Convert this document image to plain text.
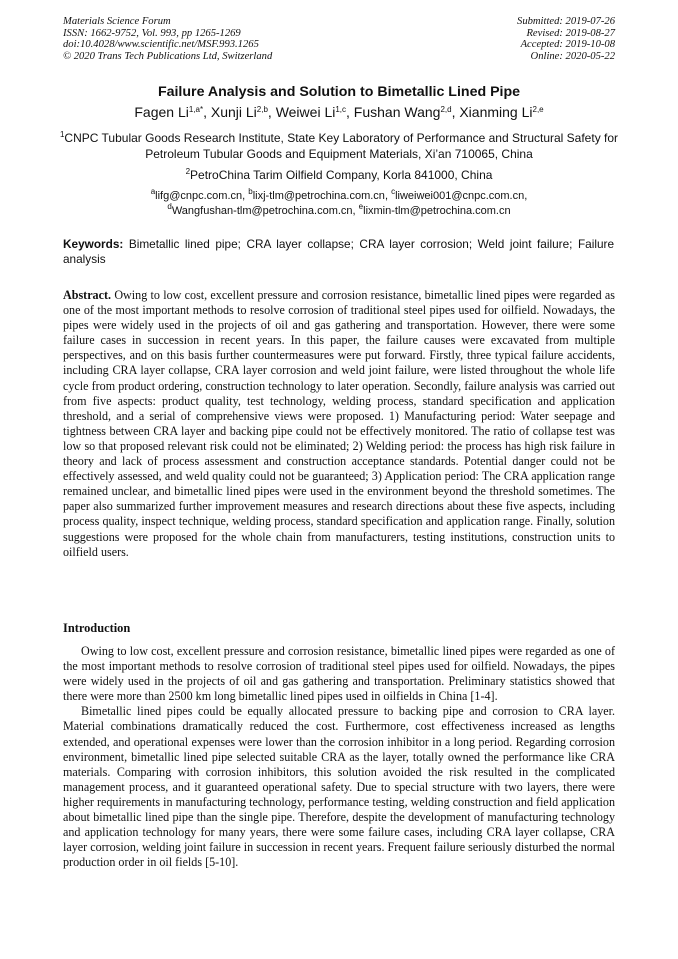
Materials Science Forum
ISSN: 1662-9752, Vol. 993, pp 1265-1269
doi:10.4028/www.scientific.net/MSF.993.1265
© 2020 Trans Tech Publications Ltd, Switzerland
Submitted: 2019-07-26
Revised: 2019-08-27
Accepted: 2019-10-08
Online: 2020-05-22
Failure Analysis and Solution to Bimetallic Lined Pipe
Fagen $Li^{1,a*}$, Xunji Li$^{2,b}$, Weiwei Li$^{1,c}$, Fushan Wang$^{2,d}$, Xianming Li$^{2,e}$
$^1$CNPC Tubular Goods Research Institute, State Key Laboratory of Performance and Structural Safety for Petroleum Tubular Goods and Equipment Materials, Xi’an 710065, China
$^2$PetroChina Tarim Oilfield Company, Korla 841000, China
$^a$lifg@cnpc.com.cn, $^b$lixj-tlm@petrochina.com.cn, $^c$liweiwei001@cnpc.com.cn,
$^d$Wangfushan-tlm@petrochina.com.cn, $^e$lixmin-tlm@petrochina.com.cn
Keywords: Bimetallic lined pipe; CRA layer collapse; CRA layer corrosion; Weld joint failure; Failure analysis
Abstract. Owing to low cost, excellent pressure and corrosion resistance, bimetallic lined pipes were regarded as one of the most important methods to resolve corrosion of traditional steel pipes used for oilfield. Nowadays, the pipes were widely used in the projects of oil and gas gathering and transportation. However, there were some failure cases in succession in recent years. In this paper, the failure causes were excavated from multiple perspectives, and on this basis further countermeasures were put forward. Firstly, three typical failure accidents, including CRA layer collapse, CRA layer corrosion and weld joint failure, were listed throughout the whole life cycle from product ordering, construction technology to later operation. Secondly, failure analysis was carried out from five aspects: product quality, test technology, welding process, standard specification and application threshold, and a serial of comprehensive views were proposed. 1) Manufacturing period: Water seepage and tightness between CRA layer and backing pipe could not be effectively monitored. The ratio of collapse test was low so that proposed relevant risk could not be eliminated; 2) Welding period: the process has high risk failure in theory and lack of process assessment and construction acceptance standards. Potential danger could not be effectively assessed, and weld quality could not be guaranteed; 3) Application period: The CRA application range remained unclear, and bimetallic lined pipes were used in the environment beyond the threshold sometimes. The paper also summarized further improvement measures and research directions about these five aspects, including process quality, inspect technique, welding process, standard specification and application range. Finally, solution suggestions were proposed for the whole chain from manufacturers, testing institutions, construction units to oilfield users.
Introduction

Owing to low cost, excellent pressure and corrosion resistance, bimetallic lined pipes were regarded as one of the most important methods to resolve corrosion of traditional steel pipes used for oilfield. Nowadays, the pipes were widely used in the projects of oil and gas gathering and transportation. Preliminary statistics showed that there were more than 2500 km long bimetallic lined pipes used in oilfields in China [1-4].

Bimetallic lined pipes could be equally allocated pressure to backing pipe and corrosion to CRA layer. Material combinations dramatically reduced the cost. Furthermore, cost effectiveness increased as lengths extended, and operational expenses were lower than the corrosion inhibitor in a long period. Regarding corrosion environment, bimetallic lined pipe selected suitable CRA as the layer, totally owned the performance like CRA materials. Comparing with corrosion inhibitors, this solution avoided the risk resulted in the complicated management process, and it guaranteed operational safety. Due to special structure with two layers, there were higher requirements in manufacturing technology, performance testing, welding construction and field application about bimetallic lined pipe than the single pipe. Therefore, despite the development of manufacturing technology and application technology for many years, there were some failure cases, including CRA layer collapse, CRA layer corrosion, welding joint failure in succession in recent years. Frequent failure seriously disturbed the normal production order in oil fields [5-10].
